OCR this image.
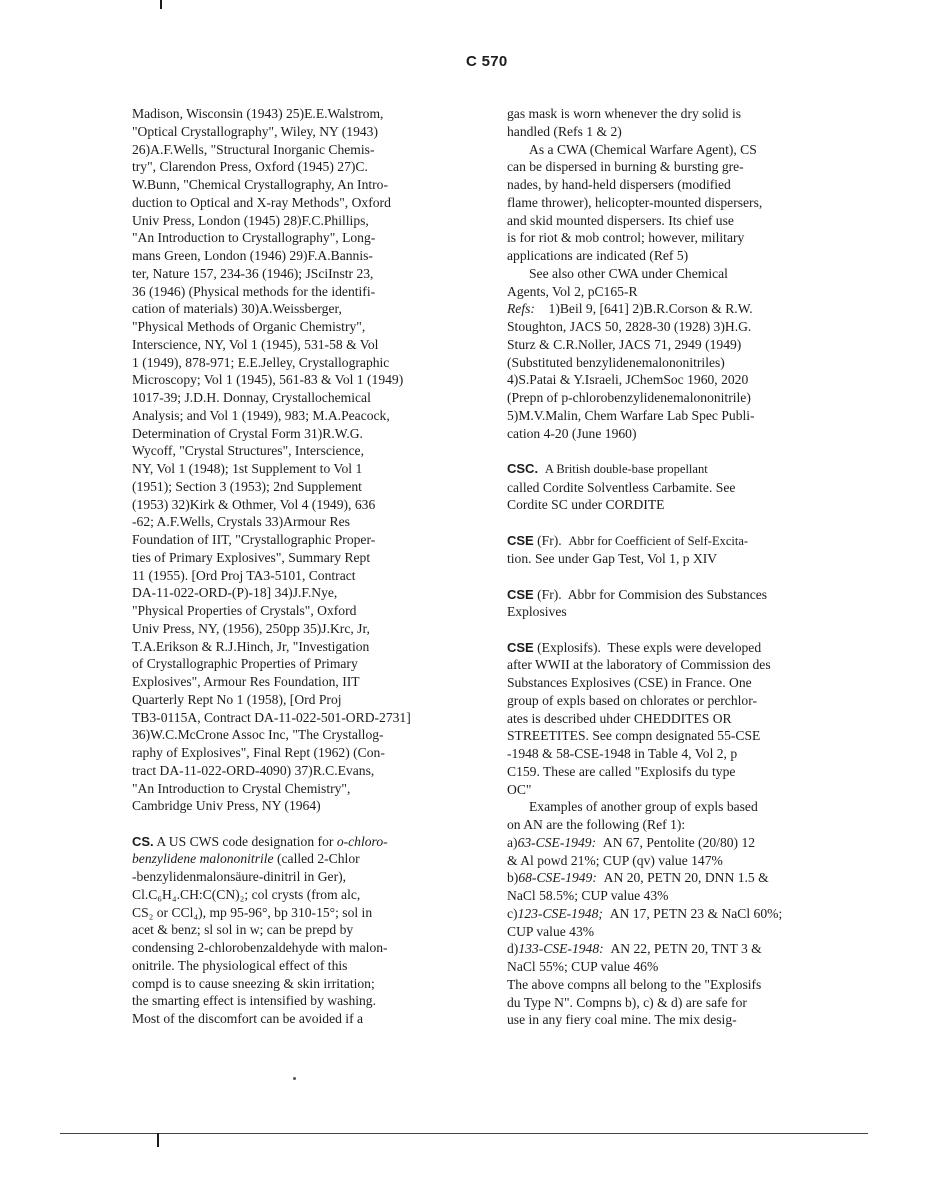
C 570
Madison, Wisconsin (1943) 25)E.E.Walstrom,
"Optical Crystallography", Wiley, NY (1943)
26)A.F.Wells, "Structural Inorganic Chemis-
try", Clarendon Press, Oxford (1945) 27)C.
W.Bunn, "Chemical Crystallography, An Intro-
duction to Optical and X-ray Methods", Oxford
Univ Press, London (1945) 28)F.C.Phillips,
"An Introduction to Crystallography", Long-
mans Green, London (1946) 29)F.A.Bannis-
ter, Nature 157, 234-36 (1946); JSciInstr 23,
36 (1946) (Physical methods for the identifi-
cation of materials) 30)A.Weissberger,
"Physical Methods of Organic Chemistry",
Interscience, NY, Vol 1 (1945), 531-58 & Vol
1 (1949), 878-971; E.E.Jelley, Crystallographic
Microscopy; Vol 1 (1945), 561-83 & Vol 1 (1949)
1017-39; J.D.H. Donnay, Crystallochemical
Analysis; and Vol 1 (1949), 983; M.A.Peacock,
Determination of Crystal Form 31)R.W.G.
Wycoff, "Crystal Structures", Interscience,
NY, Vol 1 (1948); 1st Supplement to Vol 1
(1951); Section 3 (1953); 2nd Supplement
(1953) 32)Kirk & Othmer, Vol 4 (1949), 636
-62; A.F.Wells, Crystals 33)Armour Res
Foundation of IIT, "Crystallographic Proper-
ties of Primary Explosives", Summary Rept
11 (1955). [Ord Proj TA3-5101, Contract
DA-11-022-ORD-(P)-18] 34)J.F.Nye,
"Physical Properties of Crystals", Oxford
Univ Press, NY, (1956), 250pp 35)J.Krc, Jr,
T.A.Erikson & R.J.Hinch, Jr, "Investigation
of Crystallographic Properties of Primary
Explosives", Armour Res Foundation, IIT
Quarterly Rept No 1 (1958), [Ord Proj
TB3-0115A, Contract DA-11-022-501-ORD-2731]
36)W.C.McCrone Assoc Inc, "The Crystallog-
raphy of Explosives", Final Rept (1962) (Con-
tract DA-11-022-ORD-4090) 37)R.C.Evans,
"An Introduction to Crystal Chemistry",
Cambridge Univ Press, NY (1964)
CS. A US CWS code designation for o-chloro-
benzylidene malononitrile (called 2-Chlor
-benzylidenmalonsäure-dinitril in Ger),
Cl.C₆H₄.CH:C(CN)₂; col crysts (from alc,
CS₂ or CCl₄), mp 95-96°, bp 310-15°; sol in
acet & benz; sl sol in w; can be prepd by
condensing 2-chlorobenzaldehyde with malon-
onitrile. The physiological effect of this
compd is to cause sneezing & skin irritation;
the smarting effect is intensified by washing.
Most of the discomfort can be avoided if a
gas mask is worn whenever the dry solid is
handled (Refs 1 & 2)
As a CWA (Chemical Warfare Agent), CS
can be dispersed in burning & bursting gre-
nades, by hand-held dispersers (modified
flame thrower), helicopter-mounted dispersers,
and skid mounted dispersers. Its chief use
is for riot & mob control; however, military
applications are indicated (Ref 5)
See also other CWA under Chemical
Agents, Vol 2, pC165-R
Refs: 1)Beil 9, [641] 2)B.R.Corson & R.W.
Stoughton, JACS 50, 2828-30 (1928) 3)H.G.
Sturz & C.R.Noller, JACS 71, 2949 (1949)
(Substituted benzylidenemalononitriles)
4)S.Patai & Y.Israeli, JChemSoc 1960, 2020
(Prepn of p-chlorobenzylidenemalononitrile)
5)M.V.Malin, Chem Warfare Lab Spec Publi-
cation 4-20 (June 1960)
CSC. A British double-base propellant
called Cordite Solventless Carbamite. See
Cordite SC under CORDITE
CSE (Fr). Abbr for Coefficient of Self-Excita-
tion. See under Gap Test, Vol 1, p XIV
CSE (Fr). Abbr for Commision des Substances
Explosives
CSE (Explosifs). These expls were developed
after WWII at the laboratory of Commission des
Substances Explosives (CSE) in France. One
group of expls based on chlorates or perchlor-
ates is described uhder CHEDDITES OR
STREETITES. See compn designated 55-CSE
-1948 & 58-CSE-1948 in Table 4, Vol 2, p
C159. These are called "Explosifs du type
OC"
Examples of another group of expls based
on AN are the following (Ref 1):
a)63-CSE-1949: AN 67, Pentolite (20/80) 12
& Al powd 21%; CUP (qv) value 147%
b)68-CSE-1949: AN 20, PETN 20, DNN 1.5 &
NaCl 58.5%; CUP value 43%
c)123-CSE-1948; AN 17, PETN 23 & NaCl 60%;
CUP value 43%
d)133-CSE-1948: AN 22, PETN 20, TNT 3 &
NaCl 55%; CUP value 46%
The above compns all belong to the "Explosifs
du Type N". Compns b), c) & d) are safe for
use in any fiery coal mine. The mix desig-
